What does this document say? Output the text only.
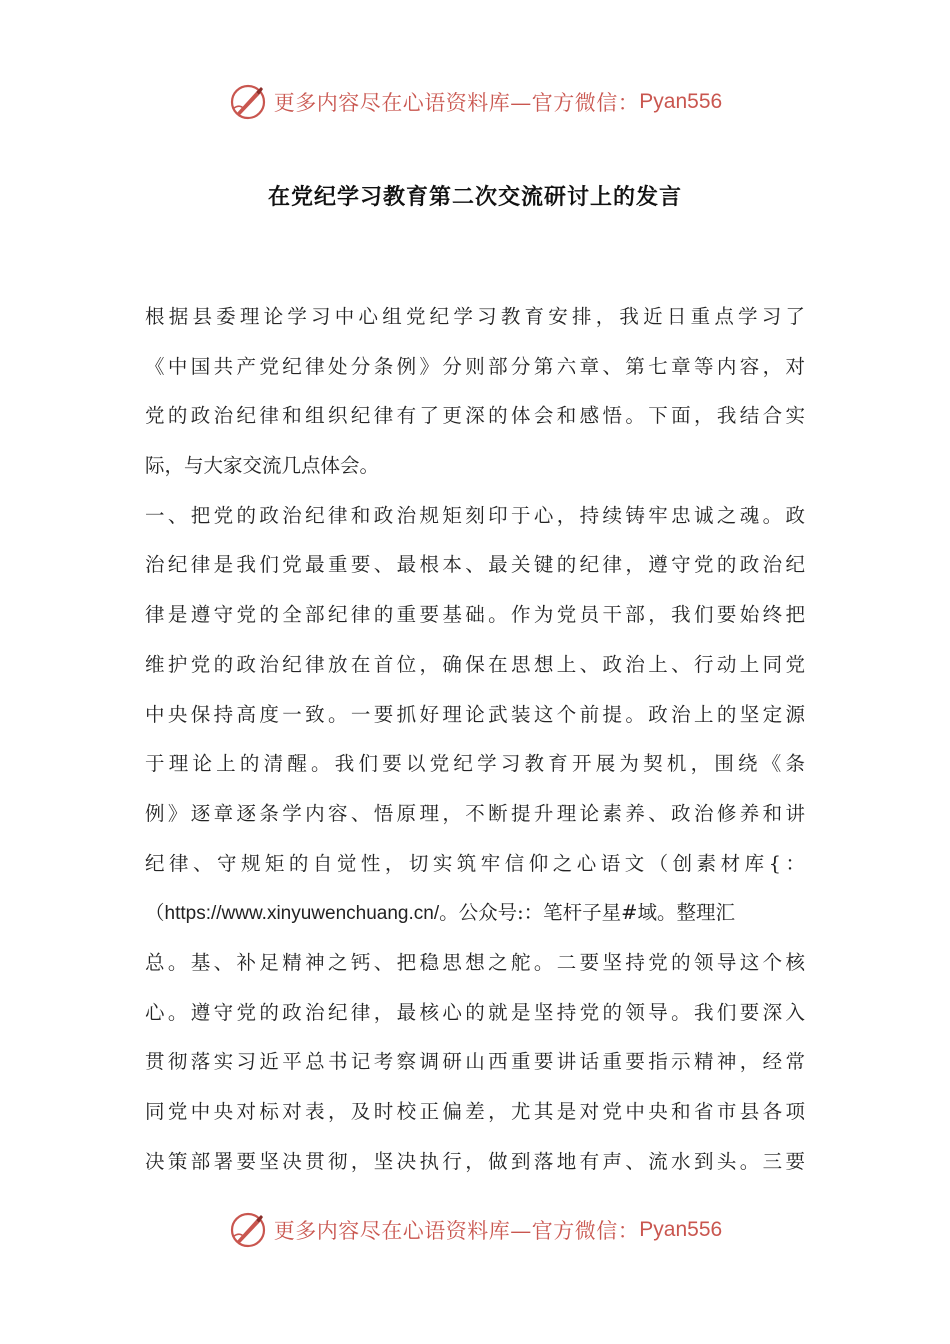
更多内容尽在心语资料库—官方微信： Pyan556
在党纪学习教育第二次交流研讨上的发言
根据县委理论学习中心组党纪学习教育安排，我近日重点学习了
《中国共产党纪律处分条例》分则部分第六章、第七章等内容，对
党的政治纪律和组织纪律有了更深的体会和感悟。下面，我结合实
际，与大家交流几点体会。
一、把党的政治纪律和政治规矩刻印于心，持续铸牢忠诚之魂。政
治纪律是我们党最重要、最根本、最关键的纪律，遵守党的政治纪
律是遵守党的全部纪律的重要基础。作为党员干部，我们要始终把
维护党的政治纪律放在首位，确保在思想上、政治上、行动上同党
中央保持高度一致。一要抓好理论武装这个前提。政治上的坚定源
于理论上的清醒。我们要以党纪学习教育开展为契机，围绕《条
例》逐章逐条学内容、悟原理，不断提升理论素养、政治修养和讲
纪律、守规矩的自觉性，切实筑牢信仰之心语文（创素材库{：
（https://www.xinyuwenchuang.cn/。公众号:：笔杆子星#域。整理汇
总。基、补足精神之钙、把稳思想之舵。二要坚持党的领导这个核
心。遵守党的政治纪律，最核心的就是坚持党的领导。我们要深入
贯彻落实习近平总书记考察调研山西重要讲话重要指示精神，经常
同党中央对标对表，及时校正偏差，尤其是对党中央和省市县各项
决策部署要坚决贯彻，坚决执行，做到落地有声、流水到头。三要
更多内容尽在心语资料库—官方微信： Pyan556
